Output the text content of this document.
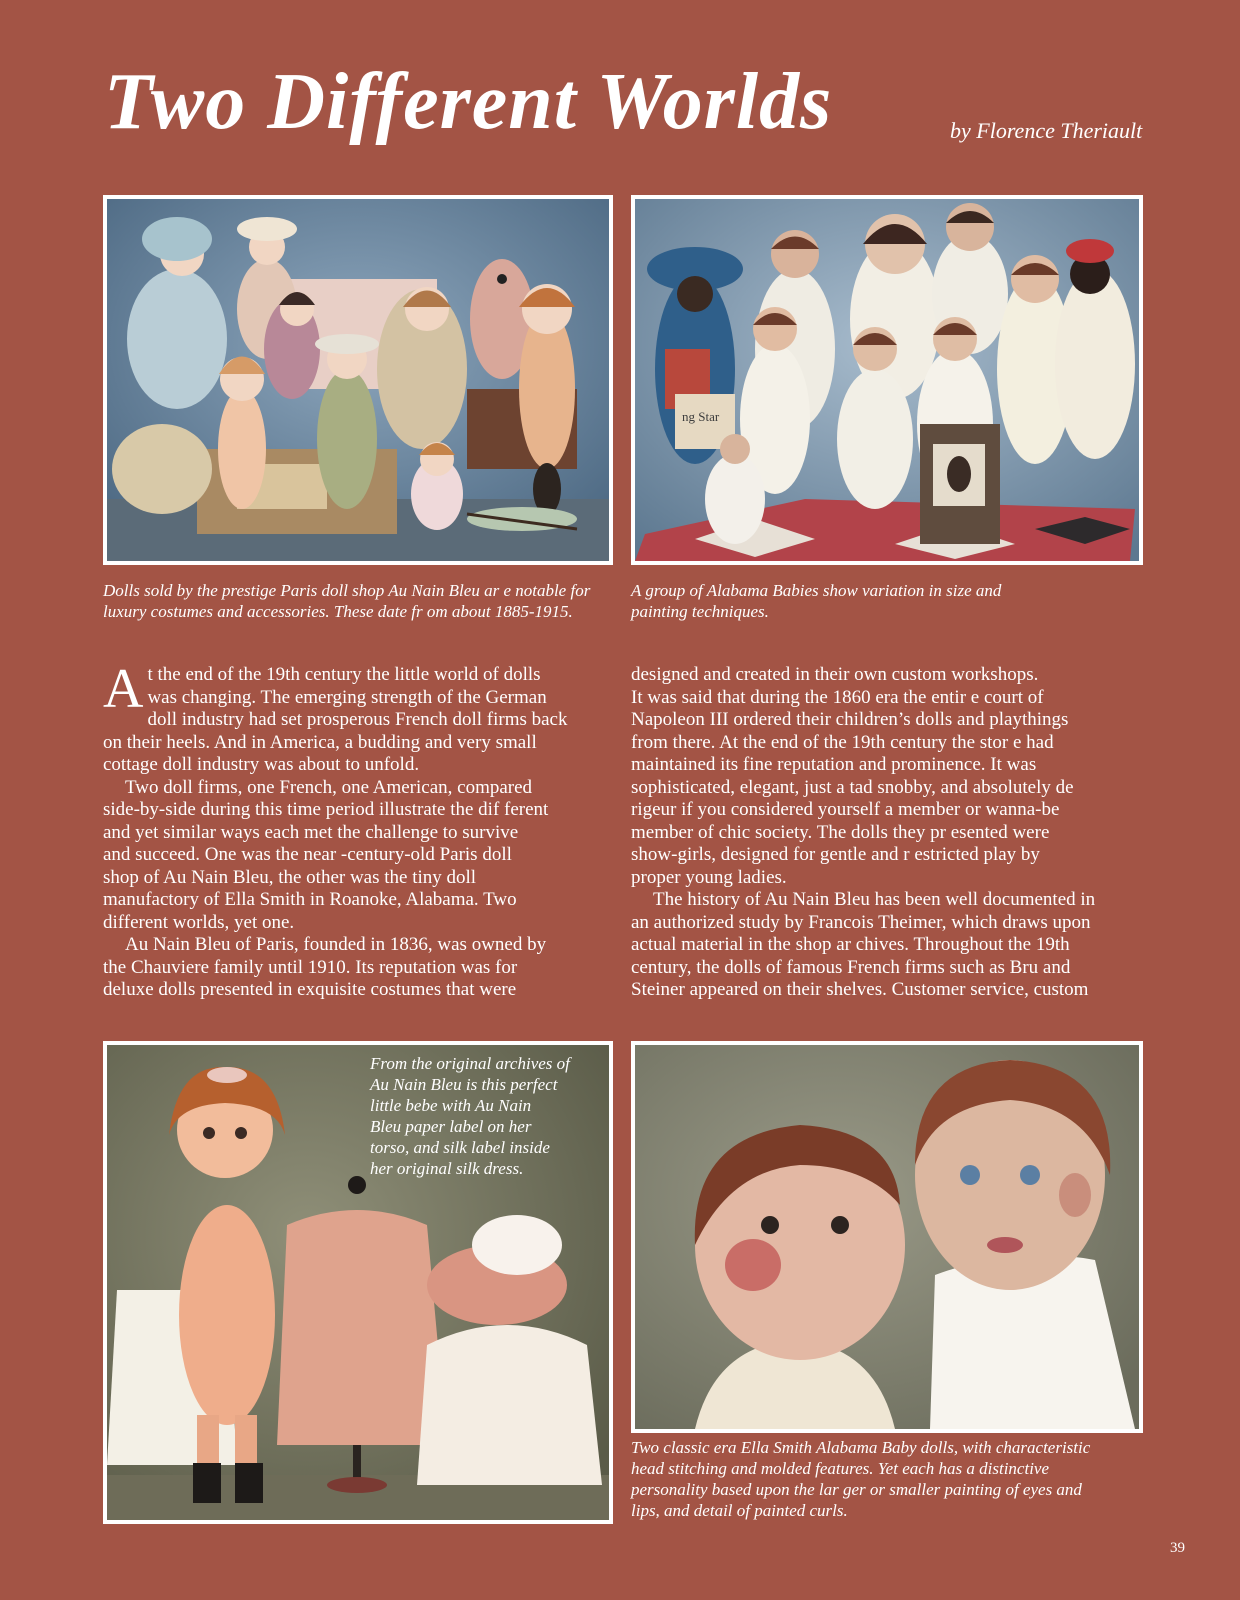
Two Different Worlds	by Florence Theriault

Dolls sold by the prestige Paris doll shop Au Nain Bleu ar e notable for

luxury costumes and accessories. These date fr om about 1885-1915.

ng Star

A group of Alabama Babies show variation in size and

painting techniques.

At the end of the 19th century the little world of dolls
was changing. The emerging strength of the German
doll industry had set prosperous French doll firms back
on their heels. And in America, a budding and very small
cottage doll industry was about to unfold.

Two doll firms, one French, one American, compared
side-by-side during this time period illustrate the dif ferent
and yet similar ways each met the challenge to survive
and succeed. One was the near -century-old Paris doll
shop of Au Nain Bleu, the other was the tiny doll
manufactory of Ella Smith in Roanoke, Alabama. Two
different worlds, yet one.

Au Nain Bleu of Paris, founded in 1836, was owned by
the Chauviere family until 1910. Its reputation was for
deluxe dolls presented in exquisite costumes that were

designed and created in their own custom workshops.
It was said that during the 1860 era the entir e court of
Napoleon III ordered their children’s dolls and playthings
from there. At the end of the 19th century the stor e had
maintained its fine reputation and prominence. It was
sophisticated, elegant, just a tad snobby, and absolutely de
rigeur if you considered yourself a member or wanna-be
member of chic society. The dolls they pr esented were
show-girls, designed for gentle and r estricted play by
proper young ladies.

The history of Au Nain Bleu has been well documented in
an authorized study by Francois Theimer, which draws upon
actual material in the shop ar chives. Throughout the 19th
century, the dolls of famous French firms such as Bru and
Steiner appeared on their shelves. Customer service, custom

From the original archives of

Au Nain Bleu is this perfect

little bebe with Au Nain

Bleu paper label on her

torso, and silk label inside

her original silk dress.

Two classic era Ella Smith Alabama Baby dolls, with characteristic

head stitching and molded features. Yet each has a distinctive

personality based upon the lar ger or smaller painting of eyes and

lips, and detail of painted curls.

39
